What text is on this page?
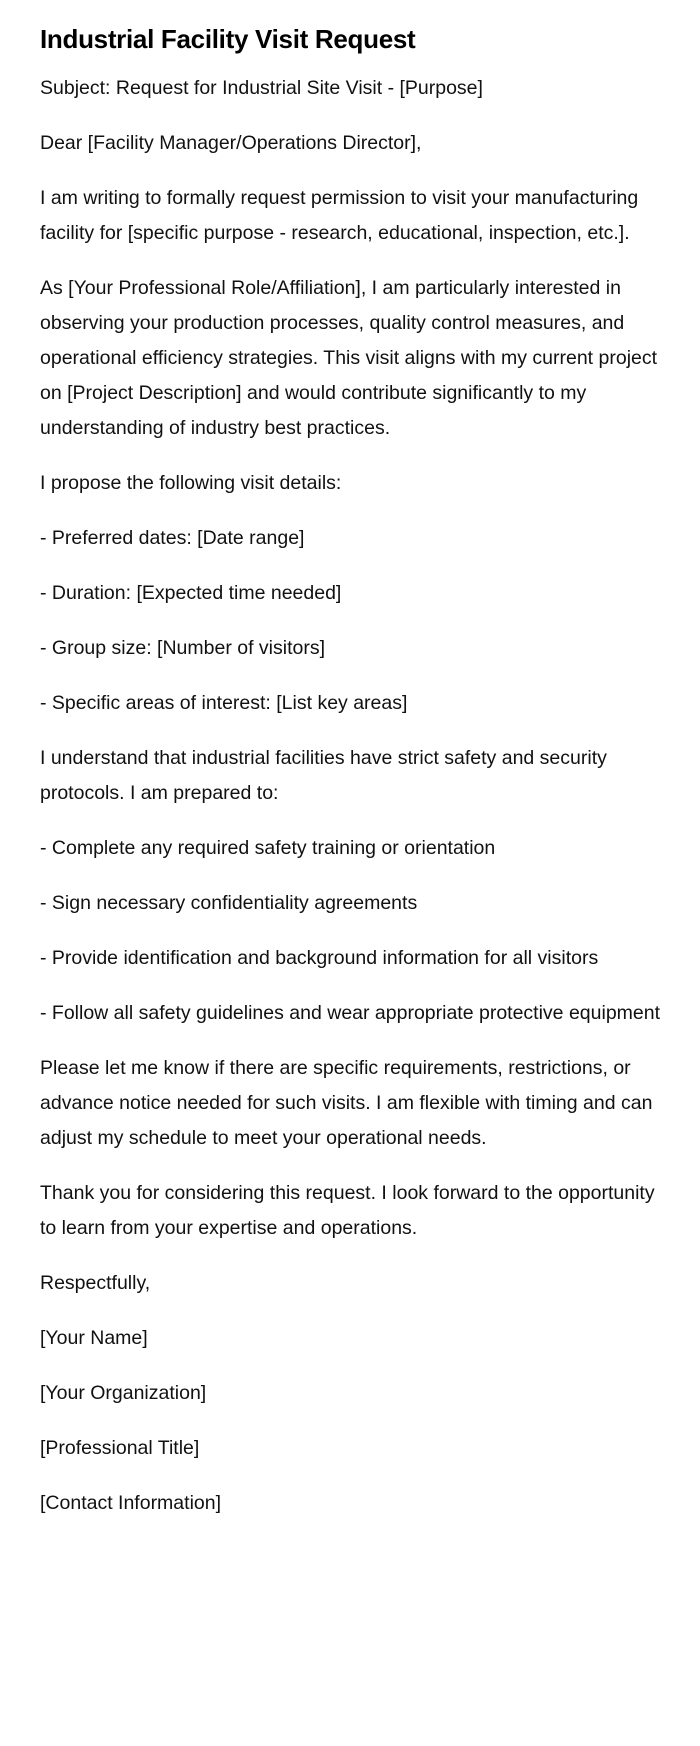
Industrial Facility Visit Request

Subject: Request for Industrial Site Visit - [Purpose]

Dear [Facility Manager/Operations Director],

I am writing to formally request permission to visit your manufacturing facility for [specific purpose - research, educational, inspection, etc.].

As [Your Professional Role/Affiliation], I am particularly interested in observing your production processes, quality control measures, and operational efficiency strategies. This visit aligns with my current project on [Project Description] and would contribute significantly to my understanding of industry best practices.

I propose the following visit details:

- Preferred dates: [Date range]

- Duration: [Expected time needed]

- Group size: [Number of visitors]

- Specific areas of interest: [List key areas]

I understand that industrial facilities have strict safety and security protocols. I am prepared to:

- Complete any required safety training or orientation

- Sign necessary confidentiality agreements

- Provide identification and background information for all visitors

- Follow all safety guidelines and wear appropriate protective equipment

Please let me know if there are specific requirements, restrictions, or advance notice needed for such visits. I am flexible with timing and can adjust my schedule to meet your operational needs.

Thank you for considering this request. I look forward to the opportunity to learn from your expertise and operations.

Respectfully,

[Your Name]

[Your Organization]

[Professional Title]

[Contact Information]
